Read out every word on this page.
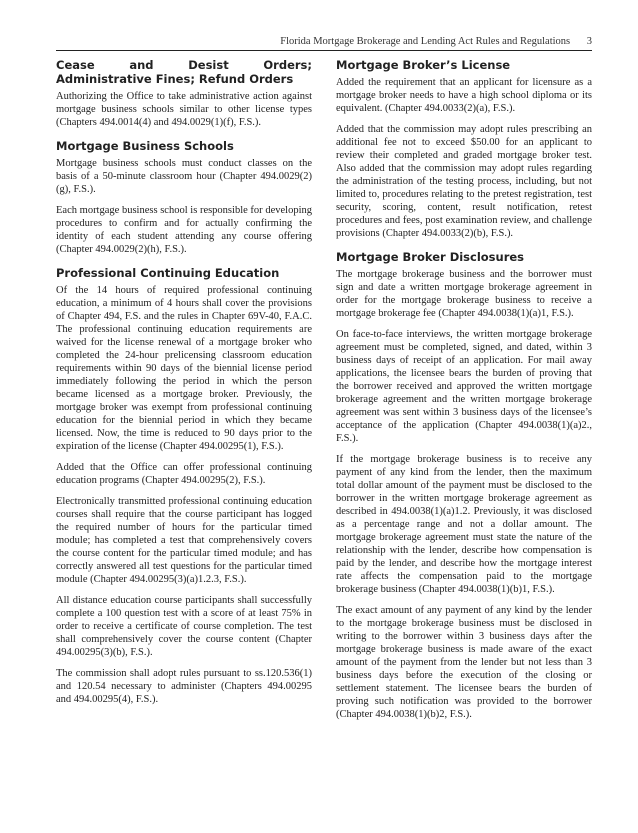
Florida Mortgage Brokerage and Lending Act Rules and Regulations 3
Cease and Desist Orders; Administrative Fines; Refund Orders

Authorizing the Office to take administrative action against mortgage business schools similar to other license types (Chapters 494.0014(4) and 494.0029(1)(f), F.S.).

Mortgage Business Schools

Mortgage business schools must conduct classes on the basis of a 50-minute classroom hour (Chapter 494.0029(2)(g), F.S.).

Each mortgage business school is responsible for developing procedures to confirm and for actually confirming the identity of each student attending any course offering (Chapter 494.0029(2)(h), F.S.).

Professional Continuing Education

Of the 14 hours of required professional continuing education, a minimum of 4 hours shall cover the provisions of Chapter 494, F.S. and the rules in Chapter 69V-40, F.A.C. The professional continuing education requirements are waived for the license renewal of a mortgage broker who completed the 24-hour prelicensing classroom education requirements within 90 days of the biennial license period immediately following the period in which the person became licensed as a mortgage broker. Previously, the mortgage broker was exempt from professional continuing education for the biennial period in which they became licensed. Now, the time is reduced to 90 days prior to the expiration of the license (Chapter 494.00295(1), F.S.).

Added that the Office can offer professional continuing education programs (Chapter 494.00295(2), F.S.).

Electronically transmitted professional continuing education courses shall require that the course participant has logged the required number of hours for the particular timed module; has completed a test that comprehensively covers the course content for the particular timed module; and has correctly answered all test questions for the particular timed module (Chapter 494.00295(3)(a)1.2.3, F.S.).

All distance education course participants shall successfully complete a 100 question test with a score of at least 75% in order to receive a certificate of course completion. The test shall comprehensively cover the course content (Chapter 494.00295(3)(b), F.S.).

The commission shall adopt rules pursuant to ss.120.536(1) and 120.54 necessary to administer (Chapters 494.00295 and 494.00295(4), F.S.).

Mortgage Broker’s License

Added the requirement that an applicant for licensure as a mortgage broker needs to have a high school diploma or its equivalent. (Chapter 494.0033(2)(a), F.S.).

Added that the commission may adopt rules prescribing an additional fee not to exceed $50.00 for an applicant to review their completed and graded mortgage broker test. Also added that the commission may adopt rules regarding the administration of the testing process, including, but not limited to, procedures relating to the pretest registration, test security, scoring, content, result notification, retest procedures and fees, post examination review, and challenge provisions (Chapter 494.0033(2)(b), F.S.).

Mortgage Broker Disclosures

The mortgage brokerage business and the borrower must sign and date a written mortgage brokerage agreement in order for the mortgage brokerage business to receive a mortgage brokerage fee (Chapter 494.0038(1)(a)1, F.S.).

On face-to-face interviews, the written mortgage brokerage agreement must be completed, signed, and dated, within 3 business days of receipt of an application. For mail away applications, the licensee bears the burden of proving that the borrower received and approved the written mortgage brokerage agreement and the written mortgage brokerage agreement was sent within 3 business days of the licensee’s acceptance of the application (Chapter 494.0038(1)(a)2., F.S.).

If the mortgage brokerage business is to receive any payment of any kind from the lender, then the maximum total dollar amount of the payment must be disclosed to the borrower in the written mortgage brokerage agreement as described in 494.0038(1)(a)1.2. Previously, it was disclosed as a percentage range and not a dollar amount. The mortgage brokerage agreement must state the nature of the relationship with the lender, describe how compensation is paid by the lender, and describe how the mortgage interest rate affects the compensation paid to the mortgage brokerage business (Chapter 494.0038(1)(b)1, F.S.).

The exact amount of any payment of any kind by the lender to the mortgage brokerage business must be disclosed in writing to the borrower within 3 business days after the mortgage brokerage business is made aware of the exact amount of the payment from the lender but not less than 3 business days before the execution of the closing or settlement statement. The licensee bears the burden of proving such notification was provided to the borrower (Chapter 494.0038(1)(b)2, F.S.).
